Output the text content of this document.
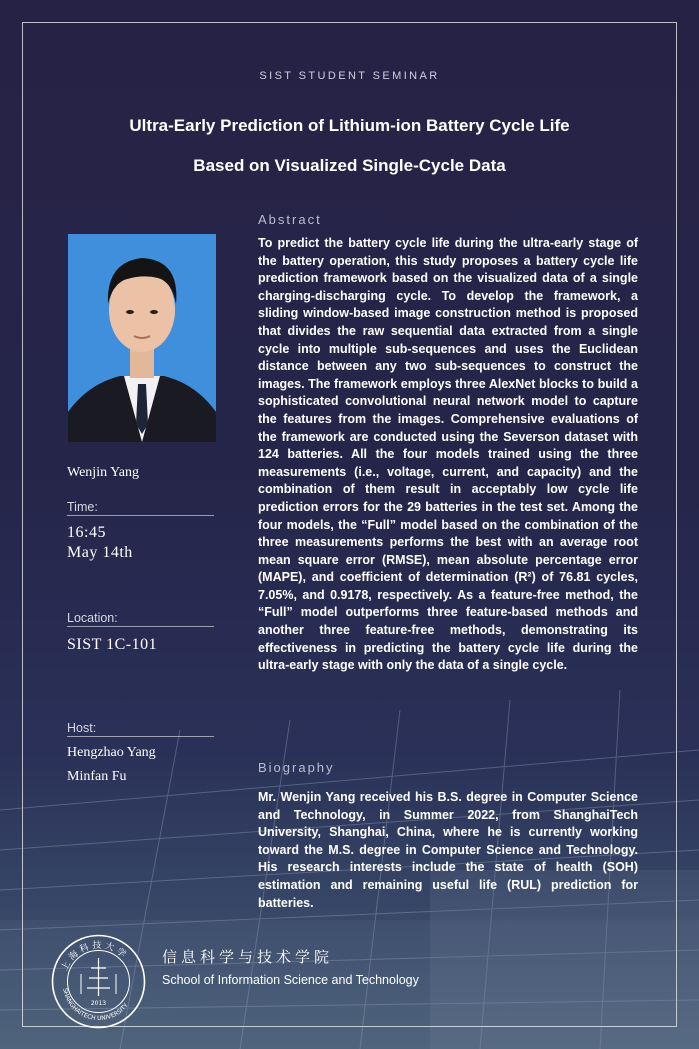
SIST STUDENT SEMINAR
Ultra-Early Prediction of Lithium-ion Battery Cycle Life
Based on Visualized Single-Cycle Data
Wenjin Yang
Time:
16:45
May 14th
Location:
SIST 1C-101
Host:
Hengzhao Yang
Minfan Fu
Abstract

To predict the battery cycle life during the ultra-early stage of the battery operation, this study proposes a battery cycle life prediction framework based on the visualized data of a single charging-discharging cycle. To develop the framework, a sliding window-based image construction method is proposed that divides the raw sequential data extracted from a single cycle into multiple sub-sequences and uses the Euclidean distance between any two sub-sequences to construct the images. The framework employs three AlexNet blocks to build a sophisticated convolutional neural network model to capture the features from the images. Comprehensive evaluations of the framework are conducted using the Severson dataset with 124 batteries. All the four models trained using the three measurements (i.e., voltage, current, and capacity) and the combination of them result in acceptably low cycle life prediction errors for the 29 batteries in the test set. Among the four models, the “Full” model based on the combination of the three measurements performs the best with an average root mean square error (RMSE), mean absolute percentage error (MAPE), and coefficient of determination (R²) of 76.81 cycles, 7.05%, and 0.9178, respectively. As a feature-free method, the “Full” model outperforms three feature-based methods and another three feature-free methods, demonstrating its effectiveness in predicting the battery cycle life during the ultra-early stage with only the data of a single cycle.

Biography

Mr. Wenjin Yang received his B.S. degree in Computer Science and Technology, in Summer 2022, from ShanghaiTech University, Shanghai, China, where he is currently working toward the M.S. degree in Computer Science and Technology. His research interests include the state of health (SOH) estimation and remaining useful life (RUL) prediction for batteries.

上海科技大学
SHANGHAITECH UNIVERSITY
2013
信息科学与技术学院
School of Information Science and Technology
